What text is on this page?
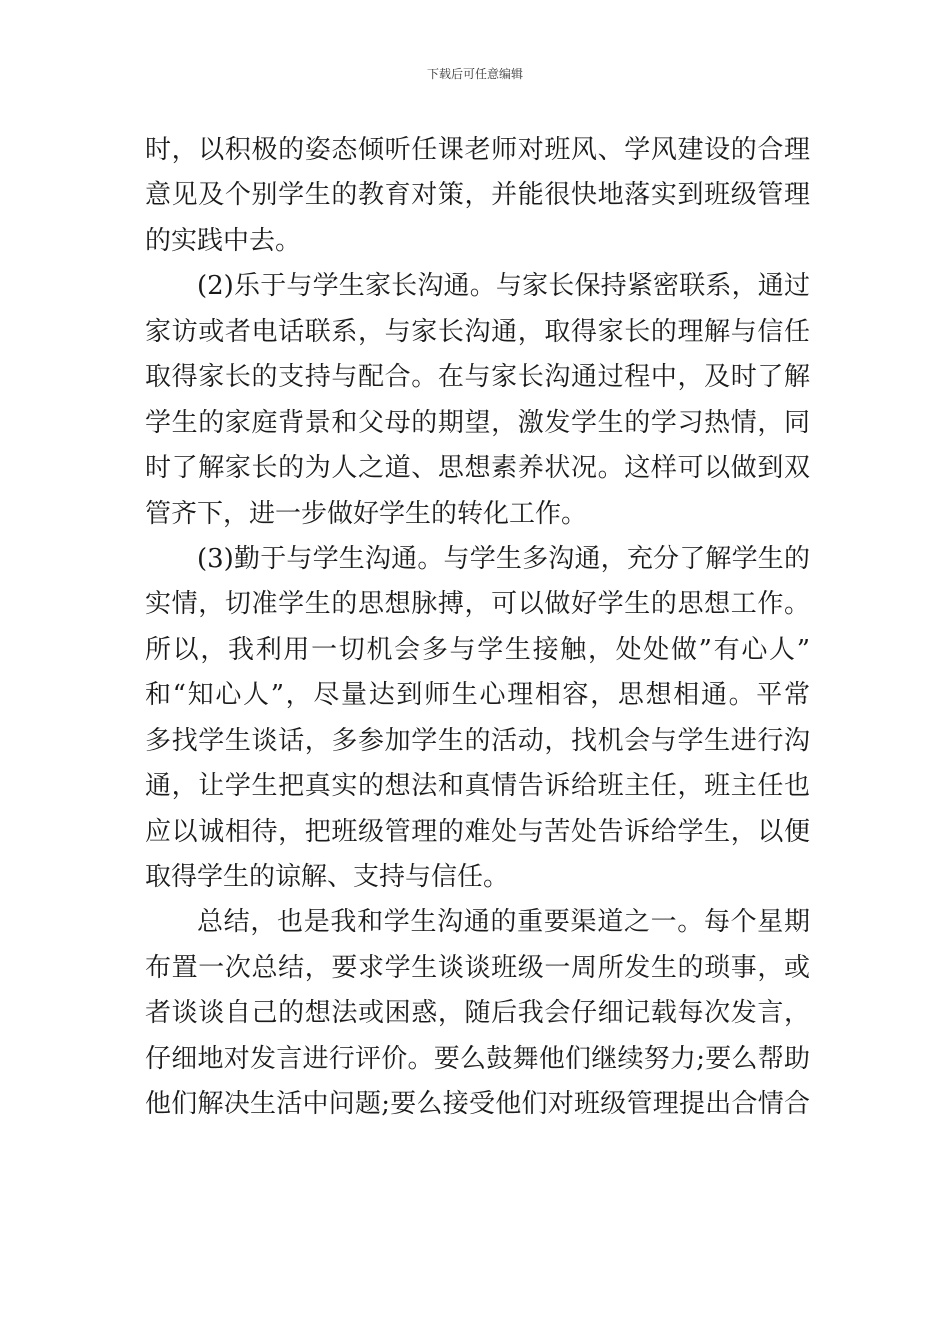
下载后可任意编辑
时，以积极的姿态倾听任课老师对班风、学风建设的合理
意见及个别学生的教育对策，并能很快地落实到班级管理
的实践中去。
(2)乐于与学生家长沟通。与家长保持紧密联系，通过
家访或者电话联系，与家长沟通，取得家长的理解与信任
取得家长的支持与配合。在与家长沟通过程中，及时了解
学生的家庭背景和父母的期望，激发学生的学习热情，同
时了解家长的为人之道、思想素养状况。这样可以做到双
管齐下，进一步做好学生的转化工作。
(3)勤于与学生沟通。与学生多沟通，充分了解学生的
实情，切准学生的思想脉搏，可以做好学生的思想工作。
所以，我利用一切机会多与学生接触，处处做”有心人”
和“知心人”，尽量达到师生心理相容，思想相通。平常
多找学生谈话，多参加学生的活动，找机会与学生进行沟
通，让学生把真实的想法和真情告诉给班主任，班主任也
应以诚相待，把班级管理的难处与苦处告诉给学生，以便
取得学生的谅解、支持与信任。
总结，也是我和学生沟通的重要渠道之一。每个星期
布置一次总结，要求学生谈谈班级一周所发生的琐事，或
者谈谈自己的想法或困惑，随后我会仔细记载每次发言，
仔细地对发言进行评价。要么鼓舞他们继续努力;要么帮助
他们解决生活中问题;要么接受他们对班级管理提出合情合
